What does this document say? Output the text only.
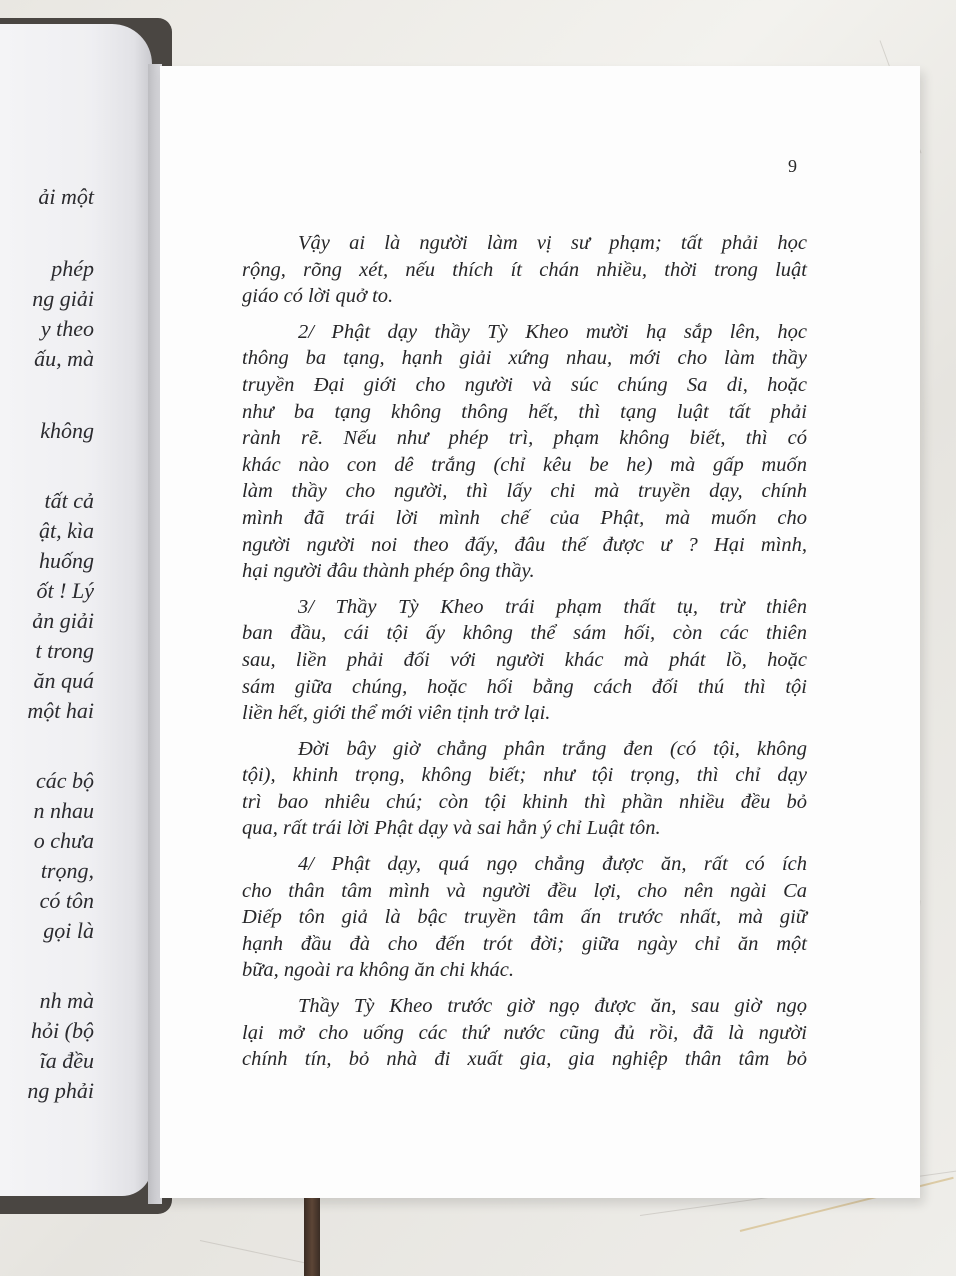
ải một
phép
ng giải
y theo
ấu, mà
không
tất cả
ật, kìa
huống
ốt ! Lý
ản giải
t trong
ăn quá
một hai
các bộ
n nhau
o chưa
trọng,
có tôn
gọi là
nh mà
hỏi (bộ
ĩa đều
ng phải
9
Vậy ai là người làm vị sư phạm; tất phải học
rộng, rõng xét, nếu thích ít chán nhiều, thời trong luật
giáo có lời quở to.
2/ Phật dạy thầy Tỳ Kheo mười hạ sắp lên, học
thông ba tạng, hạnh giải xứng nhau, mới cho làm thầy
truyền Đại giới cho người và súc chúng Sa di, hoặc
như ba tạng không thông hết, thì tạng luật tất phải
rành rẽ. Nếu như phép trì, phạm không biết, thì có
khác nào con dê trắng (chỉ kêu be he) mà gấp muốn
làm thầy cho người, thì lấy chi mà truyền dạy, chính
mình đã trái lời mình chế của Phật, mà muốn cho
người người noi theo đấy, đâu thế được ư ? Hại mình,
hại người đâu thành phép ông thầy.
3/ Thầy Tỳ Kheo trái phạm thất tụ, trừ thiên
ban đầu, cái tội ấy không thể sám hối, còn các thiên
sau, liền phải đối với người khác mà phát lồ, hoặc
sám giữa chúng, hoặc hối bằng cách đối thú thì tội
liền hết, giới thể mới viên tịnh trở lại.
Đời bây giờ chẳng phân trắng đen (có tội, không
tội), khinh trọng, không biết; như tội trọng, thì chỉ dạy
trì bao nhiêu chú; còn tội khinh thì phần nhiều đều bỏ
qua, rất trái lời Phật dạy và sai hẳn ý chỉ Luật tôn.
4/ Phật dạy, quá ngọ chẳng được ăn, rất có ích
cho thân tâm mình và người đều lợi, cho nên ngài Ca
Diếp tôn giả là bậc truyền tâm ấn trước nhất, mà giữ
hạnh đầu đà cho đến trót đời; giữa ngày chỉ ăn một
bữa, ngoài ra không ăn chi khác.
Thầy Tỳ Kheo trước giờ ngọ được ăn, sau giờ ngọ
lại mở cho uống các thứ nước cũng đủ rồi, đã là người
chính tín, bỏ nhà đi xuất gia, gia nghiệp thân tâm bỏ
